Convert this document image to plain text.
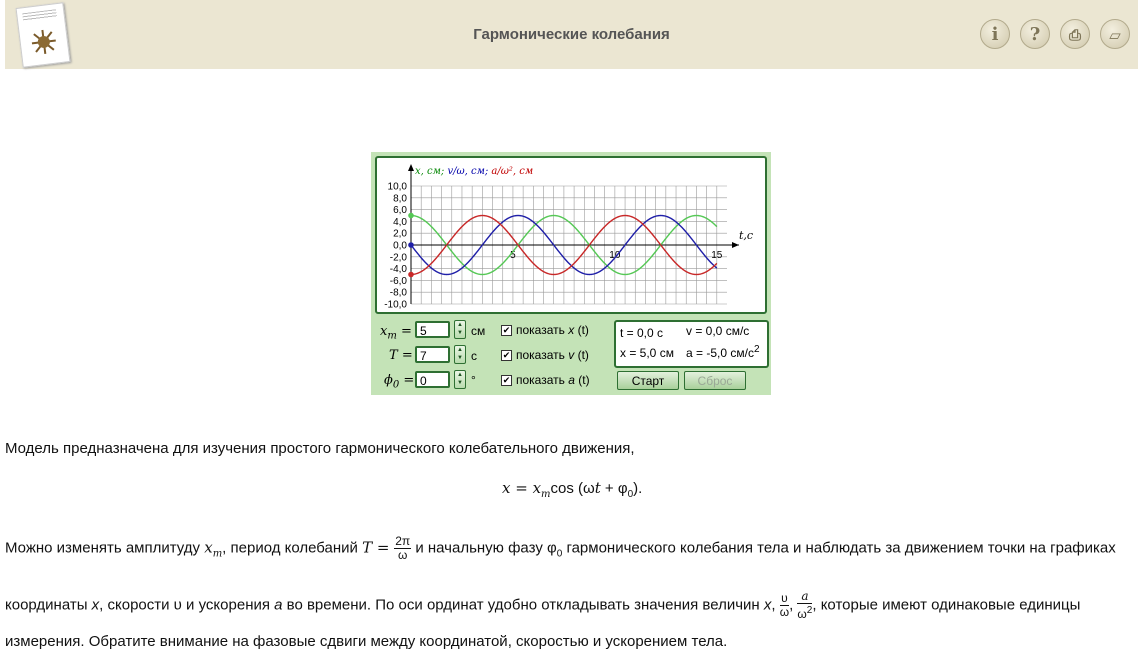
Гармонические колебания	i	?	⎙	▱
10,0
8,0
6,0
4,0
2,0
0,0
-2,0
-4,0
-6,0
-8,0
-10,0
5	10	15
x, см; v/ω, см; a/ω², см
t,с
$x_m = 5$	▲
▼ см
T = 7	▲
▼ с
$\phi_0 = 0$	▲
▼ °
✔ показать x (t)
✔ показать v (t)
✔ показать a (t)
t = 0,0 с v = 0,0 см/с
x = 5,0 см a = -5,0 $см/с^2$
Старт	Сброс
Модель предназначена для изучения простого гармонического колебательного движения,
$x = x_m\cos$ $(\omega t + \varphi_0)$.
Можно изменять амплитуду $x_m$, период колебаний $T = \frac{2\pi}{\omega}$ и начальную фазу $\varphi_0$ гармонического колебания тела и наблюдать за движением точки на графиках
координаты x, скорости υ и ускорения a во времени. По оси ординат удобно откладывать значения величин x, $\frac{\upsilon}{\omega}$, $\frac{a}{\omega^2}$, которые имеют одинаковые единицы
измерения. Обратите внимание на фазовые сдвиги между координатой, скоростью и ускорением тела.
